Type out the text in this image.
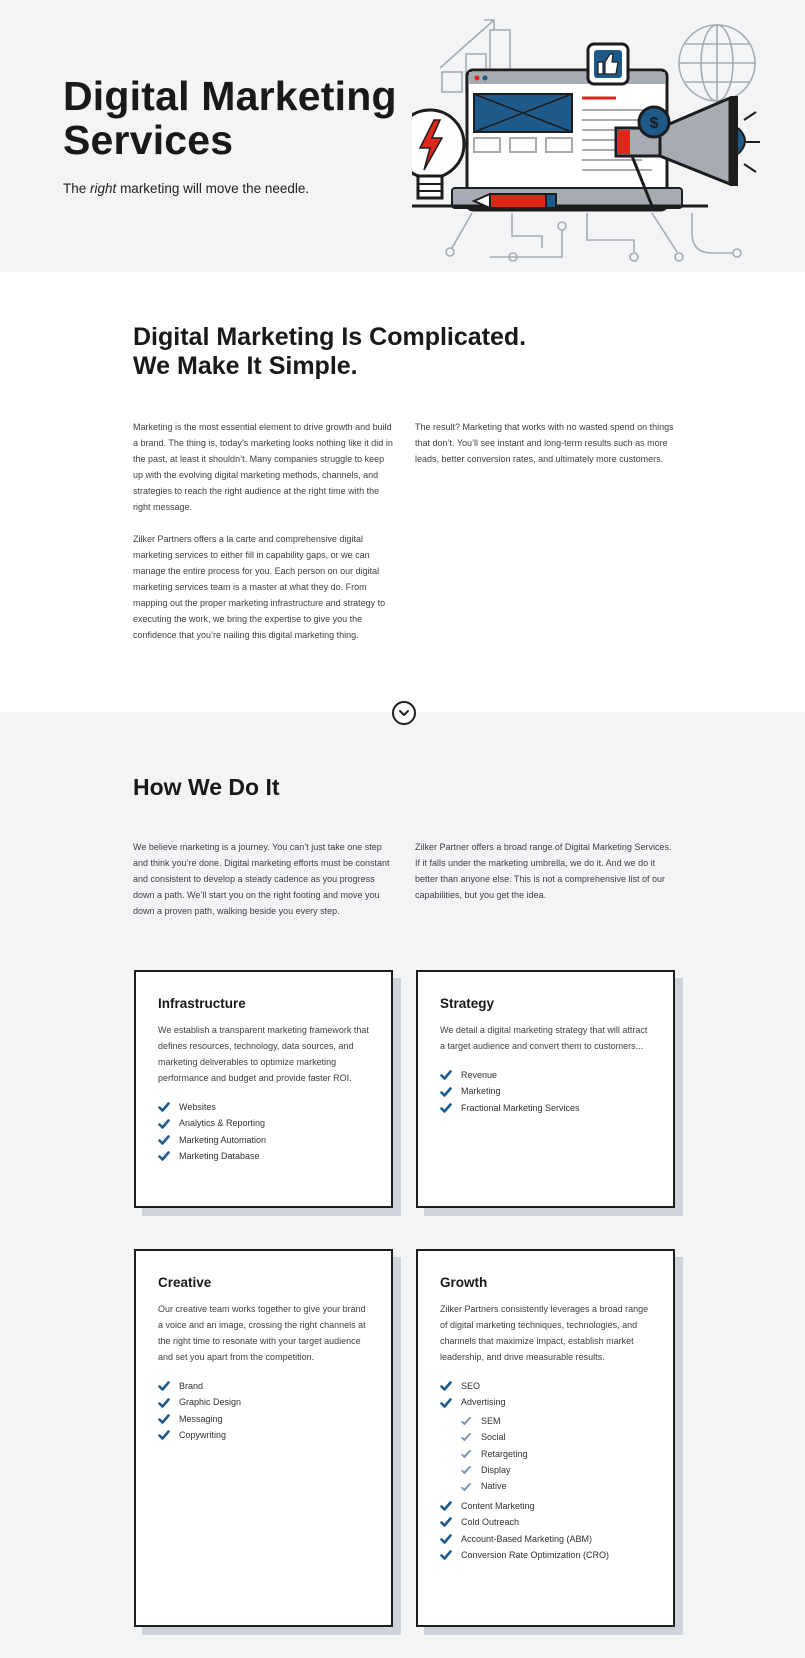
Digital Marketing
Services

The right marketing will move the needle.

$
Digital Marketing Is Complicated.
We Make It Simple.

Marketing is the most essential element to drive growth and build a brand. The thing is, today’s marketing looks nothing like it did in the past, at least it shouldn’t. Many companies struggle to keep up with the evolving digital marketing methods, channels, and strategies to reach the right audience at the right time with the right message.

Zilker Partners offers a la carte and comprehensive digital marketing services to either fill in capability gaps, or we can manage the entire process for you. Each person on our digital marketing services team is a master at what they do. From mapping out the proper marketing infrastructure and strategy to executing the work, we bring the expertise to give you the confidence that you’re nailing this digital marketing thing.

The result? Marketing that works with no wasted spend on things that don’t. You’ll see instant and long-term results such as more leads, better conversion rates, and ultimately more customers.

How We Do It

We believe marketing is a journey. You can’t just take one step and think you’re done. Digital marketing efforts must be constant and consistent to develop a steady cadence as you progress down a path. We’ll start you on the right footing and move you down a proven path, walking beside you every step.

Zilker Partner offers a broad range of Digital Marketing Services. If it falls under the marketing umbrella, we do it. And we do it better than anyone else. This is not a comprehensive list of our capabilities, but you get the idea.

Infrastructure

We establish a transparent marketing framework that defines resources, technology, data sources, and marketing deliverables to optimize marketing performance and budget and provide faster ROI.

Websites
Analytics & Reporting
Marketing Automation
Marketing Database
Strategy

We detail a digital marketing strategy that will attract a target audience and convert them to customers...

Revenue
Marketing
Fractional Marketing Services
Creative

Our creative team works together to give your brand a voice and an image, crossing the right channels at the right time to resonate with your target audience and set you apart from the competition.

Brand
Graphic Design
Messaging
Copywriting
Growth

Zilker Partners consistently leverages a broad range of digital marketing techniques, technologies, and channels that maximize impact, establish market leadership, and drive measurable results.

SEO
Advertising
SEM
Social
Retargeting
Display
Native
Content Marketing
Cold Outreach
Account-Based Marketing (ABM)
Conversion Rate Optimization (CRO)
